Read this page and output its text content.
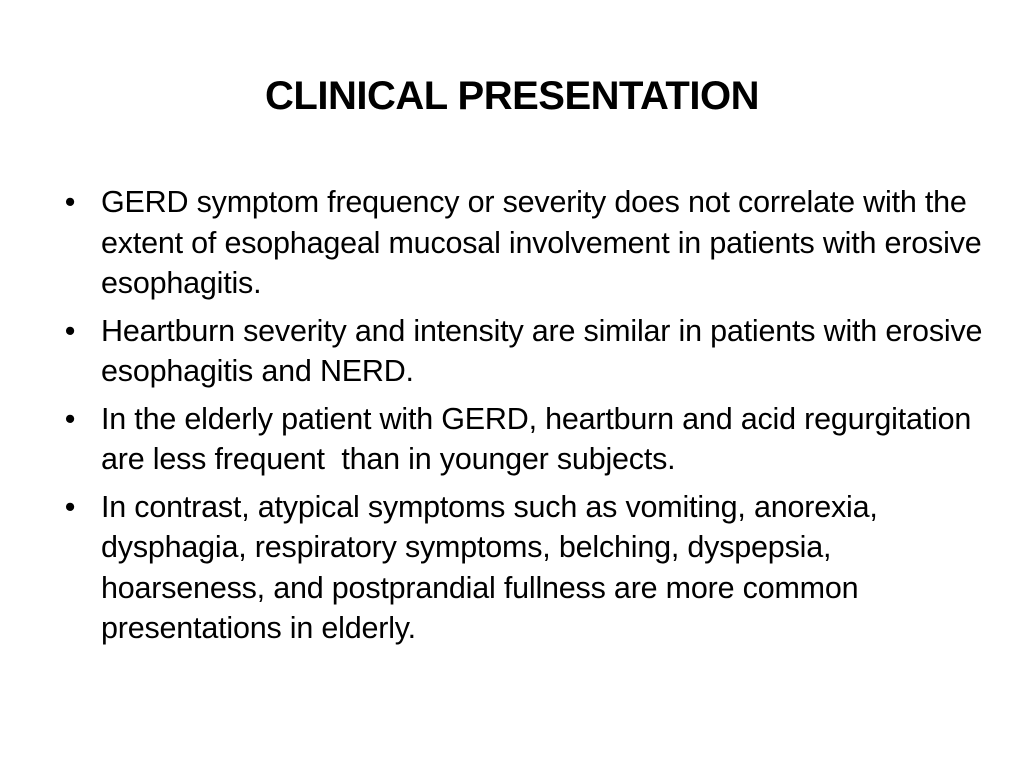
CLINICAL PRESENTATION
• GERD symptom frequency or severity does not correlate with the extent of esophageal mucosal involvement in patients with erosive esophagitis.
• Heartburn severity and intensity are similar in patients with erosive esophagitis and NERD.
• In the elderly patient with GERD, heartburn and acid regurgitation are less frequent  than in younger subjects.
• In contrast, atypical symptoms such as vomiting, anorexia, dysphagia, respiratory symptoms, belching, dyspepsia, hoarseness, and postprandial fullness are more common presentations in elderly.
